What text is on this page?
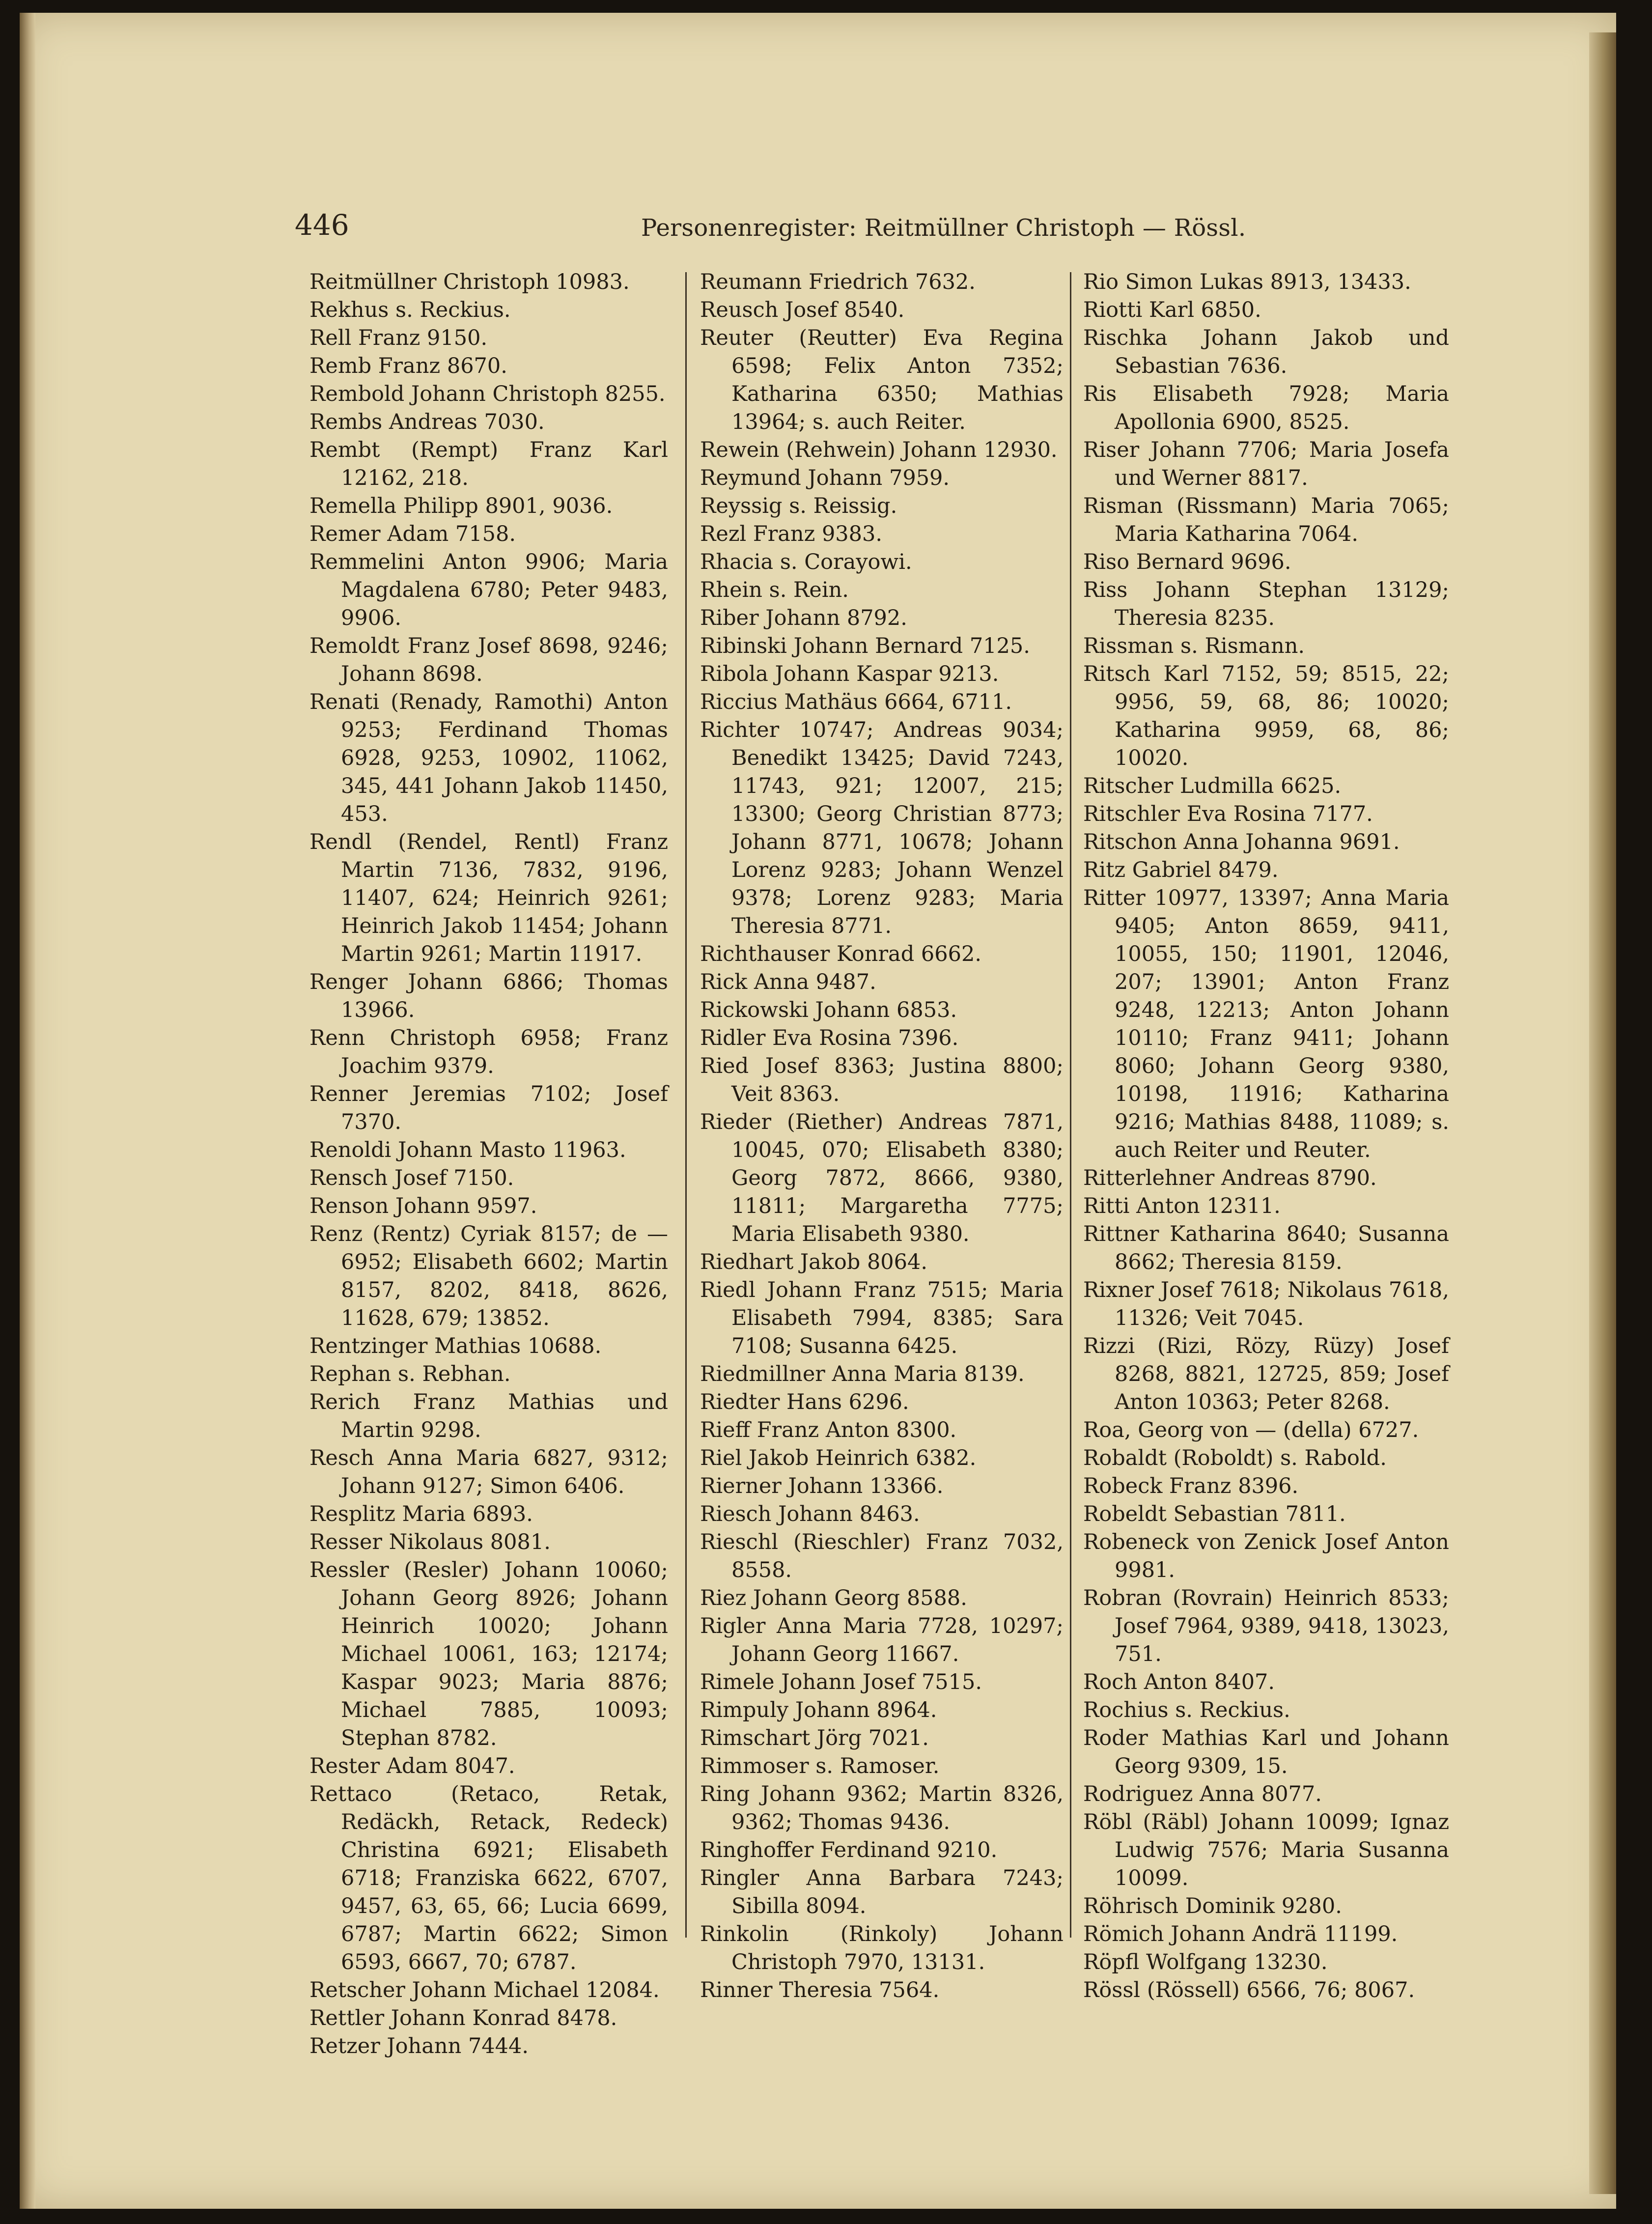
446	Personenregister: Reitmüllner Christoph — Rössl.

Reitmüllner Christoph 10983.

Rekhus s. Reckius.

Rell Franz 9150.

Remb Franz 8670.

Rembold Johann Christoph 8255.

Rembs Andreas 7030.

Rembt (Rempt) Franz Karl 12162, 218.

Remella Philipp 8901, 9036.

Remer Adam 7158.

Remmelini Anton 9906; Maria Magdalena 6780; Peter 9483, 9906.

Remoldt Franz Josef 8698, 9246; Johann 8698.

Renati (Renady, Ramothi) Anton 9253; Ferdinand Thomas 6928, 9253, 10902, 11062, 345, 441 Johann Jakob 11450, 453.

Rendl (Rendel, Rentl) Franz Martin 7136, 7832, 9196, 11407, 624; Heinrich 9261; Heinrich Jakob 11454; Johann Martin 9261; Martin 11917.

Renger Johann 6866; Thomas 13966.

Renn Christoph 6958; Franz Joachim 9379.

Renner Jeremias 7102; Josef 7370.

Renoldi Johann Masto 11963.

Rensch Josef 7150.

Renson Johann 9597.

Renz (Rentz) Cyriak 8157; de — 6952; Elisabeth 6602; Martin 8157, 8202, 8418, 8626, 11628, 679; 13852.

Rentzinger Mathias 10688.

Rephan s. Rebhan.

Rerich Franz Mathias und Martin 9298.

Resch Anna Maria 6827, 9312; Johann 9127; Simon 6406.

Resplitz Maria 6893.

Resser Nikolaus 8081.

Ressler (Resler) Johann 10060; Johann Georg 8926; Johann Heinrich 10020; Johann Michael 10061, 163; 12174; Kaspar 9023; Maria 8876; Michael 7885, 10093; Stephan 8782.

Rester Adam 8047.

Rettaco (Retaco, Retak, Redäckh, Retack, Redeck) Christina 6921; Elisabeth 6718; Franziska 6622, 6707, 9457, 63, 65, 66; Lucia 6699, 6787; Martin 6622; Simon 6593, 6667, 70; 6787.

Retscher Johann Michael 12084.

Rettler Johann Konrad 8478.

Retzer Johann 7444.

Reumann Friedrich 7632.

Reusch Josef 8540.

Reuter (Reutter) Eva Regina 6598; Felix Anton 7352; Katharina 6350; Mathias 13964; s. auch Reiter.

Rewein (Rehwein) Johann 12930.

Reymund Johann 7959.

Reyssig s. Reissig.

Rezl Franz 9383.

Rhacia s. Corayowi.

Rhein s. Rein.

Riber Johann 8792.

Ribinski Johann Bernard 7125.

Ribola Johann Kaspar 9213.

Riccius Mathäus 6664, 6711.

Richter 10747; Andreas 9034; Benedikt 13425; David 7243, 11743, 921; 12007, 215; 13300; Georg Christian 8773; Johann 8771, 10678; Johann Lorenz 9283; Johann Wenzel 9378; Lorenz 9283; Maria Theresia 8771.

Richthauser Konrad 6662.

Rick Anna 9487.

Rickowski Johann 6853.

Ridler Eva Rosina 7396.

Ried Josef 8363; Justina 8800; Veit 8363.

Rieder (Riether) Andreas 7871, 10045, 070; Elisabeth 8380; Georg 7872, 8666, 9380, 11811; Margaretha 7775; Maria Elisabeth 9380.

Riedhart Jakob 8064.

Riedl Johann Franz 7515; Maria Elisabeth 7994, 8385; Sara 7108; Susanna 6425.

Riedmillner Anna Maria 8139.

Riedter Hans 6296.

Rieff Franz Anton 8300.

Riel Jakob Heinrich 6382.

Rierner Johann 13366.

Riesch Johann 8463.

Rieschl (Rieschler) Franz 7032, 8558.

Riez Johann Georg 8588.

Rigler Anna Maria 7728, 10297; Johann Georg 11667.

Rimele Johann Josef 7515.

Rimpuly Johann 8964.

Rimschart Jörg 7021.

Rimmoser s. Ramoser.

Ring Johann 9362; Martin 8326, 9362; Thomas 9436.

Ringhoffer Ferdinand 9210.

Ringler Anna Barbara 7243; Sibilla 8094.

Rinkolin (Rinkoly) Johann Christoph 7970, 13131.

Rinner Theresia 7564.

Rio Simon Lukas 8913, 13433.

Riotti Karl 6850.

Rischka Johann Jakob und Sebastian 7636.

Ris Elisabeth 7928; Maria Apollonia 6900, 8525.

Riser Johann 7706; Maria Josefa und Werner 8817.

Risman (Rissmann) Maria 7065; Maria Katharina 7064.

Riso Bernard 9696.

Riss Johann Stephan 13129; Theresia 8235.

Rissman s. Rismann.

Ritsch Karl 7152, 59; 8515, 22; 9956, 59, 68, 86; 10020; Katharina 9959, 68, 86; 10020.

Ritscher Ludmilla 6625.

Ritschler Eva Rosina 7177.

Ritschon Anna Johanna 9691.

Ritz Gabriel 8479.

Ritter 10977, 13397; Anna Maria 9405; Anton 8659, 9411, 10055, 150; 11901, 12046, 207; 13901; Anton Franz 9248, 12213; Anton Johann 10110; Franz 9411; Johann 8060; Johann Georg 9380, 10198, 11916; Katharina 9216; Mathias 8488, 11089; s. auch Reiter und Reuter.

Ritterlehner Andreas 8790.

Ritti Anton 12311.

Rittner Katharina 8640; Susanna 8662; Theresia 8159.

Rixner Josef 7618; Nikolaus 7618, 11326; Veit 7045.

Rizzi (Rizi, Rözy, Rüzy) Josef 8268, 8821, 12725, 859; Josef Anton 10363; Peter 8268.

Roa, Georg von — (della) 6727.

Robaldt (Roboldt) s. Rabold.

Robeck Franz 8396.

Robeldt Sebastian 7811.

Robeneck von Zenick Josef Anton 9981.

Robran (Rovrain) Heinrich 8533; Josef 7964, 9389, 9418, 13023, 751.

Roch Anton 8407.

Rochius s. Reckius.

Roder Mathias Karl und Johann Georg 9309, 15.

Rodriguez Anna 8077.

Röbl (Räbl) Johann 10099; Ignaz Ludwig 7576; Maria Susanna 10099.

Röhrisch Dominik 9280.

Römich Johann Andrä 11199.

Röpfl Wolfgang 13230.

Rössl (Rössell) 6566, 76; 8067.
